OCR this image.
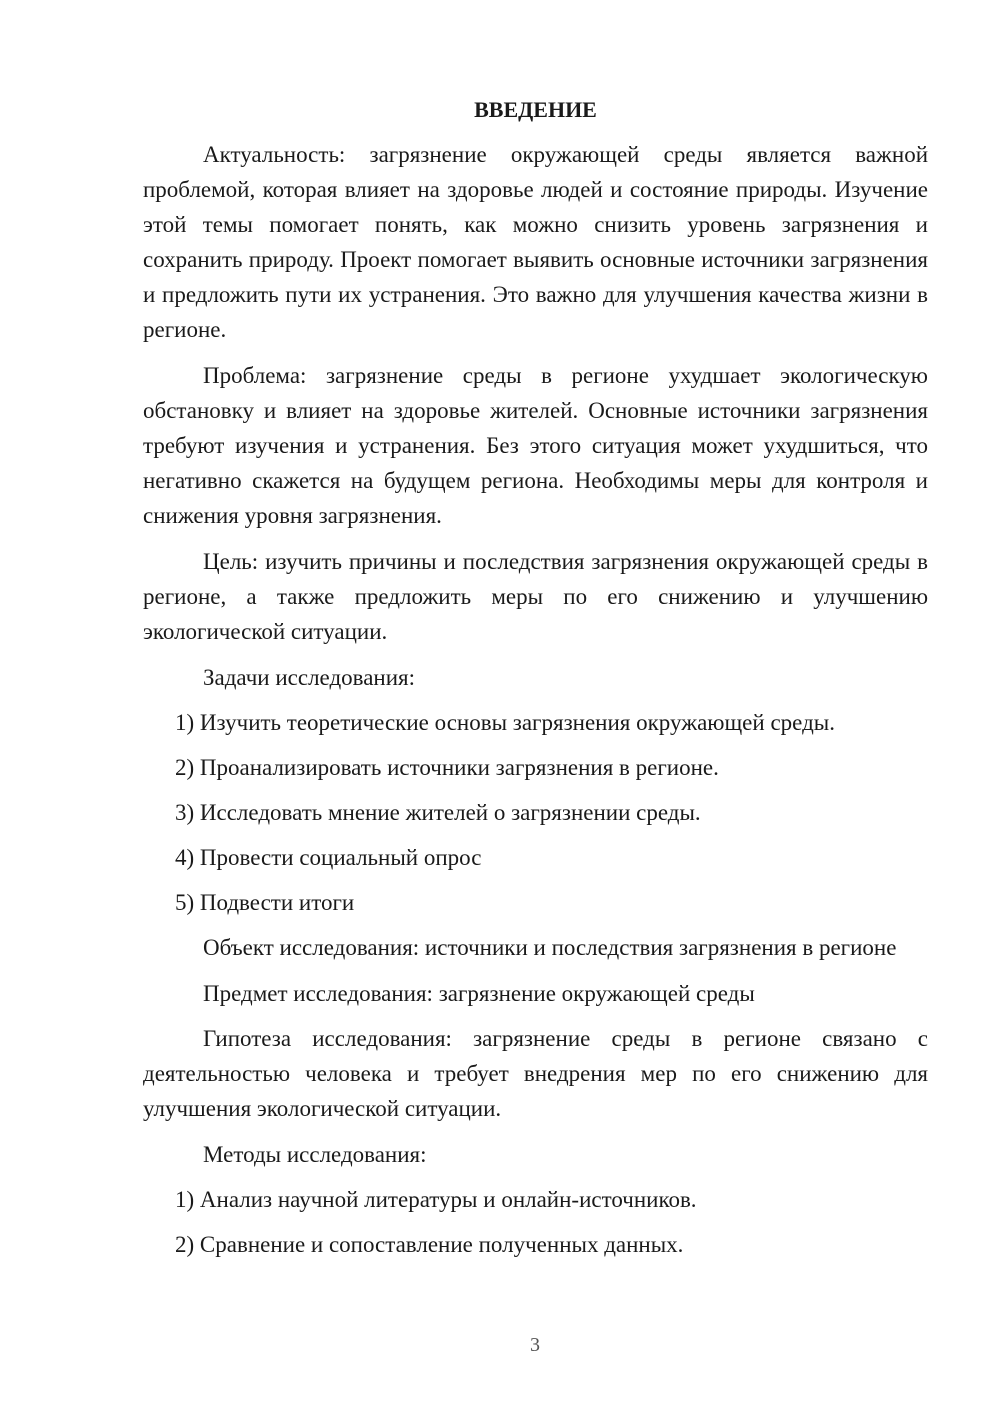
ВВЕДЕНИЕ

Актуальность: загрязнение окружающей среды является важной проблемой, которая влияет на здоровье людей и состояние природы. Изучение этой темы помогает понять, как можно снизить уровень загрязнения и сохранить природу. Проект помогает выявить основные источники загрязнения и предложить пути их устранения. Это важно для улучшения качества жизни в регионе.

Проблема: загрязнение среды в регионе ухудшает экологическую обстановку и влияет на здоровье жителей. Основные источники загрязнения требуют изучения и устранения. Без этого ситуация может ухудшиться, что негативно скажется на будущем региона. Необходимы меры для контроля и снижения уровня загрязнения.

Цель: изучить причины и последствия загрязнения окружающей среды в регионе, а также предложить меры по его снижению и улучшению экологической ситуации.

Задачи исследования:

1) Изучить теоретические основы загрязнения окружающей среды.

2) Проанализировать источники загрязнения в регионе.

3) Исследовать мнение жителей о загрязнении среды.

4) Провести социальный опрос

5) Подвести итоги

Объект исследования: источники и последствия загрязнения в регионе

Предмет исследования: загрязнение окружающей среды

Гипотеза исследования: загрязнение среды в регионе связано с деятельностью человека и требует внедрения мер по его снижению для улучшения экологической ситуации.

Методы исследования:

1) Анализ научной литературы и онлайн-источников.

2) Сравнение и сопоставление полученных данных.

3
